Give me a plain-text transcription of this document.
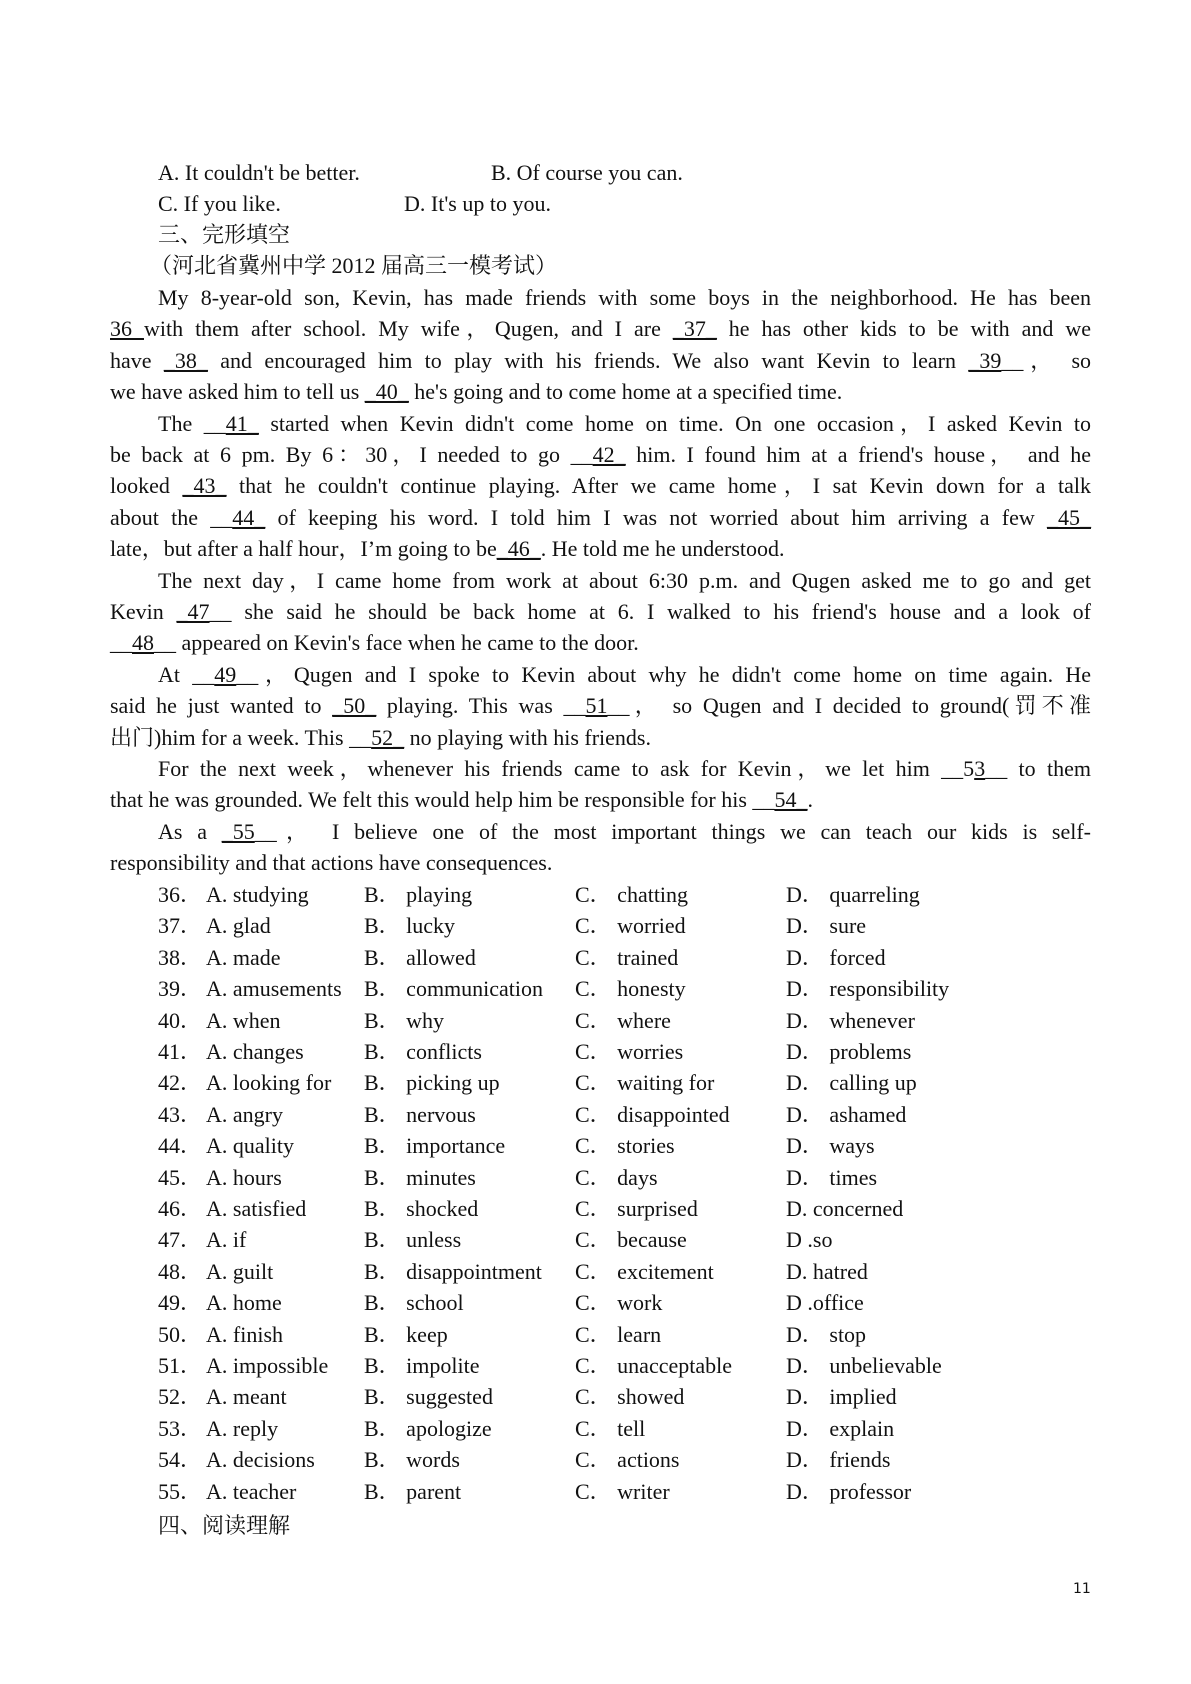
A. It couldn't be better.	B. Of course you can.
C. If you like.	D. It's up to you.
三、完形填空
（河北省冀州中学 2012 届高三一模考试）
My 8-year-old son, Kevin, has made friends with some boys in the neighborhood. He has been
36 with them after school. My wife，Qugen, and I are _37_ he has other kids to be with and we
have _38_ and encouraged him to play with his friends. We also want Kevin to learn _39__， so
we have asked him to tell us _40_ he's going and to come home at a specified time.
The __41_ started when Kevin didn't come home on time. On one occasion，I asked Kevin to
be back at 6 pm. By 6：30，I needed to go __42_ him. I found him at a friend's house， and he
looked _43_ that he couldn't continue playing. After we came home，I sat Kevin down for a talk
about the __44_ of keeping his word. I told him I was not worried about him arriving a few _45_
late，but after a half hour，I’m going to be_46_. He told me he understood.
The next day，I came home from work at about 6:30 p.m. and Qugen asked me to go and get
Kevin _47__ she said he should be back home at 6. I walked to his friend's house and a look of
__48__ appeared on Kevin's face when he came to the door.
At __49__，Qugen and I spoke to Kevin about why he didn't come home on time again. He
said he just wanted to _50_ playing. This was __51__， so Qugen and I decided to ground(罚不准
出门)him for a week. This __52_ no playing with his friends.
For the next week，whenever his friends came to ask for Kevin，we let him __53__ to them
that he was grounded. We felt this would help him be responsible for his __54_.
As a _55__， I believe one of the most important things we can teach our kids is self-
responsibility and that actions have consequences.
36． A. studying	B． playing	C． chatting	D． quarreling
37． A. glad	B． lucky	C． worried	D． sure
38． A. made	B． allowed	C． trained	D． forced
39． A. amusements B． communication C． honesty	D． responsibility
40． A. when	B． why	C． where	D． whenever
41． A. changes	B． conflicts	C． worries	D． problems
42． A. looking for B． picking up	C． waiting for	D． calling up
43． A. angry	B． nervous	C． disappointed	D． ashamed
44． A. quality	B． importance	C． stories	D． ways
45． A. hours	B． minutes	C． days	D． times
46． A. satisfied	B． shocked	C． surprised	D. concerned
47． A. if	B． unless	C． because	D .so
48． A. guilt	B． disappointment C． excitement	D. hatred
49． A. home	B． school	C． work	D .office
50． A. finish	B． keep	C． learn	D． stop
51． A. impossible B． impolite	C． unacceptable D． unbelievable
52． A. meant	B． suggested	C． showed	D． implied
53． A. reply	B． apologize	C． tell	D． explain
54． A. decisions B． words	C． actions	D． friends
55． A. teacher	B． parent	C． writer	D． professor
四、阅读理解
11
